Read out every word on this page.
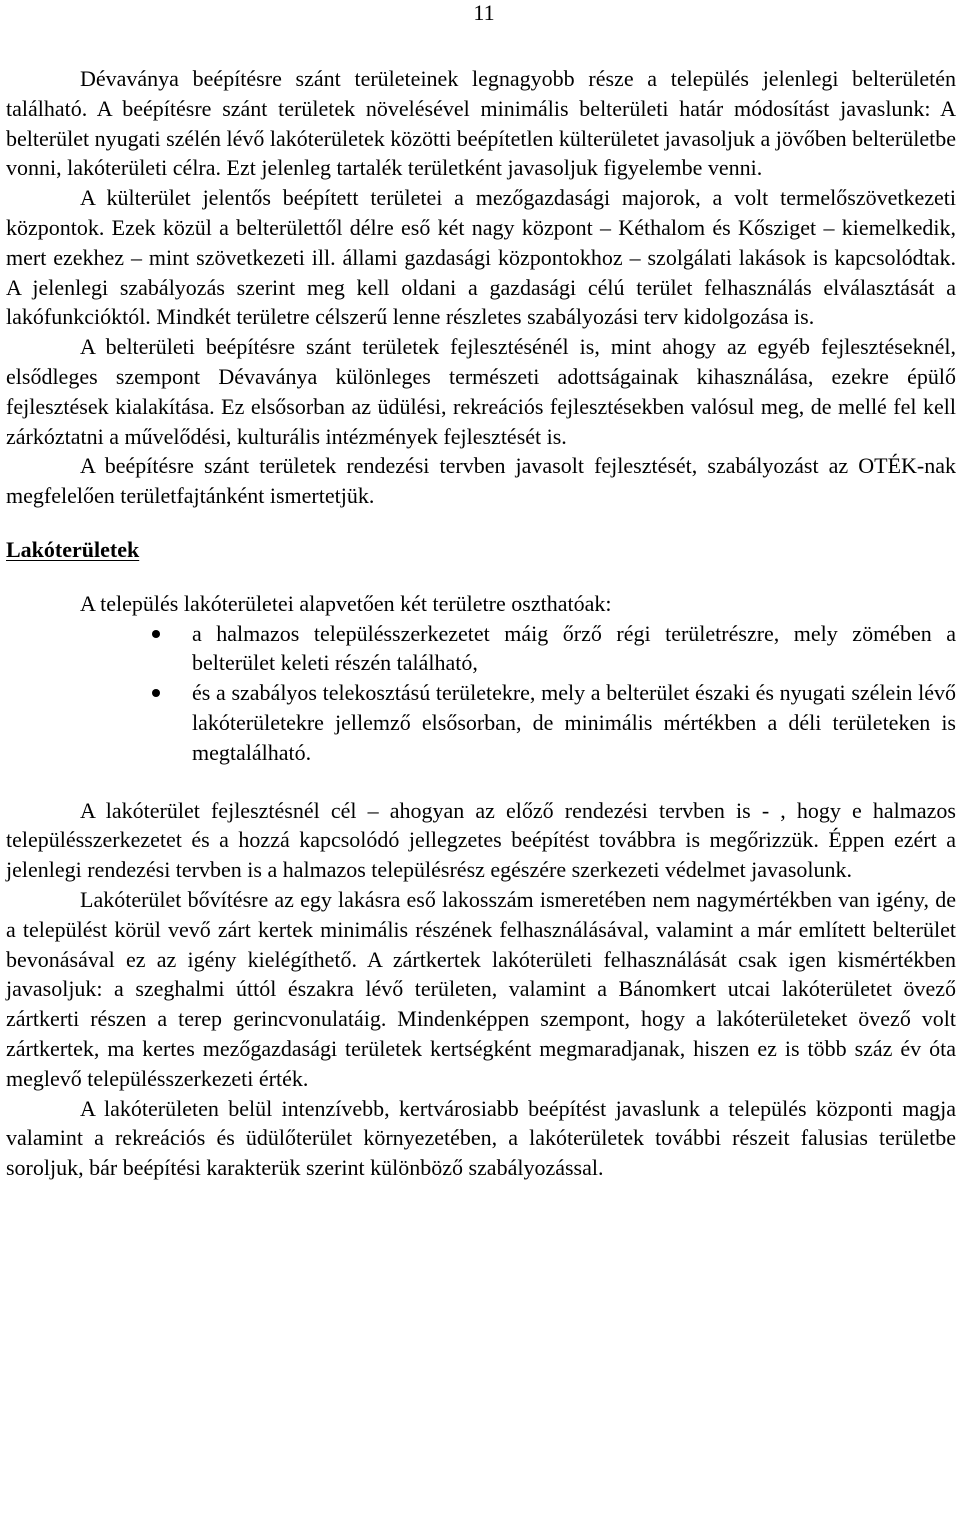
11

Dévaványa beépítésre szánt területeinek legnagyobb része a település jelenlegi belterületén található. A beépítésre szánt területek növelésével minimális belterületi határ módosítást javaslunk: A belterület nyugati szélén lévő lakóterületek közötti beépítetlen külterületet javasoljuk a jövőben belterületbe vonni, lakóterületi célra. Ezt jelenleg tartalék területként javasoljuk figyelembe venni.

A külterület jelentős beépített területei a mezőgazdasági majorok, a volt termelőszövetkezeti központok. Ezek közül a belterülettől délre eső két nagy központ – Kéthalom és Kősziget – kiemelkedik, mert ezekhez – mint szövetkezeti ill. állami gazdasági központokhoz – szolgálati lakások is kapcsolódtak. A jelenlegi szabályozás szerint meg kell oldani a gazdasági célú terület felhasználás elválasztását a lakófunkcióktól. Mindkét területre célszerű lenne részletes szabályozási terv kidolgozása is.

A belterületi beépítésre szánt területek fejlesztésénél is, mint ahogy az egyéb fejlesztéseknél, elsődleges szempont Dévaványa különleges természeti adottságainak kihasználása, ezekre épülő fejlesztések kialakítása. Ez elsősorban az üdülési, rekreációs fejlesztésekben valósul meg, de mellé fel kell zárkóztatni a művelődési, kulturális intézmények fejlesztését is.

A beépítésre szánt területek rendezési tervben javasolt fejlesztését, szabályozást az OTÉK-nak megfelelően területfajtánként ismertetjük.

Lakóterületek

A település lakóterületei alapvetően két területre oszthatóak:

a halmazos településszerkezetet máig őrző régi területrészre, mely zömében a belterület keleti részén található,
és a szabályos telekosztású területekre, mely a belterület északi és nyugati szélein lévő lakóterületekre jellemző elsősorban, de minimális mértékben a déli területeken is megtalálható.

A lakóterület fejlesztésnél cél – ahogyan az előző rendezési tervben is - , hogy e halmazos településszerkezetet és a hozzá kapcsolódó jellegzetes beépítést továbbra is megőrizzük. Éppen ezért a jelenlegi rendezési tervben is a halmazos településrész egészére szerkezeti védelmet javasolunk.

Lakóterület bővítésre az egy lakásra eső lakosszám ismeretében nem nagymértékben van igény, de a települést körül vevő zárt kertek minimális részének felhasználásával, valamint a már említett belterület bevonásával ez az igény kielégíthető. A zártkertek lakóterületi felhasználását csak igen kismértékben javasoljuk: a szeghalmi úttól északra lévő területen, valamint a Bánomkert utcai lakóterületet övező zártkerti részen a terep gerincvonulatáig. Mindenképpen szempont, hogy a lakóterületeket övező volt zártkertek, ma kertes mezőgazdasági területek kertségként megmaradjanak, hiszen ez is több száz év óta meglevő településszerkezeti érték.

A lakóterületen belül intenzívebb, kertvárosiabb beépítést javaslunk a település központi magja valamint a rekreációs és üdülőterület környezetében, a lakóterületek további részeit falusias területbe soroljuk, bár beépítési karakterük szerint különböző szabályozással.
